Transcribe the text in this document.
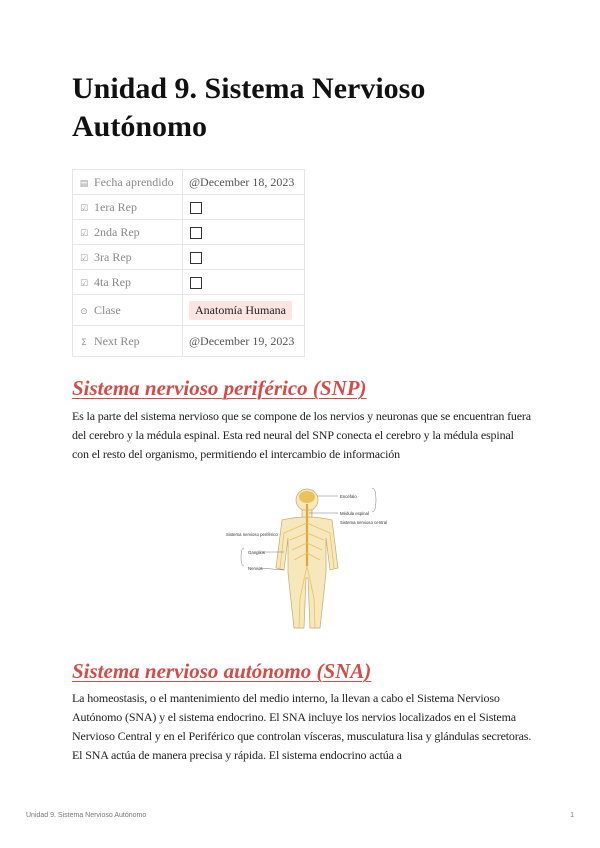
Unidad 9. Sistema Nervioso Autónomo
▤ Fecha aprendido	@December 18, 2023
☑ 1era Rep	
☑ 2nda Rep	
☑ 3ra Rep	
☑ 4ta Rep	
⊙ Clase	Anatomía Humana
Σ Next Rep	@December 19, 2023
Sistema nervioso periférico (SNP)

Es la parte del sistema nervioso que se compone de los nervios y neuronas que se encuentran fuera del cerebro y la médula espinal. Esta red neural del SNP conecta el cerebro y la médula espinal con el resto del organismo, permitiendo el intercambio de información

Encéfalo
Médula espinal
Sistema nervioso central
Sistema nervioso periférico
Ganglios
Nervios
Sistema nervioso autónomo (SNA)

La homeostasis, o el mantenimiento del medio interno, la llevan a cabo el Sistema Nervioso Autónomo (SNA) y el sistema endocrino. El SNA incluye los nervios localizados en el Sistema Nervioso Central y en el Periférico que controlan vísceras, musculatura lisa y glándulas secretoras. El SNA actúa de manera precisa y rápida. El sistema endocrino actúa a

Unidad 9. Sistema Nervioso Autónomo	1
